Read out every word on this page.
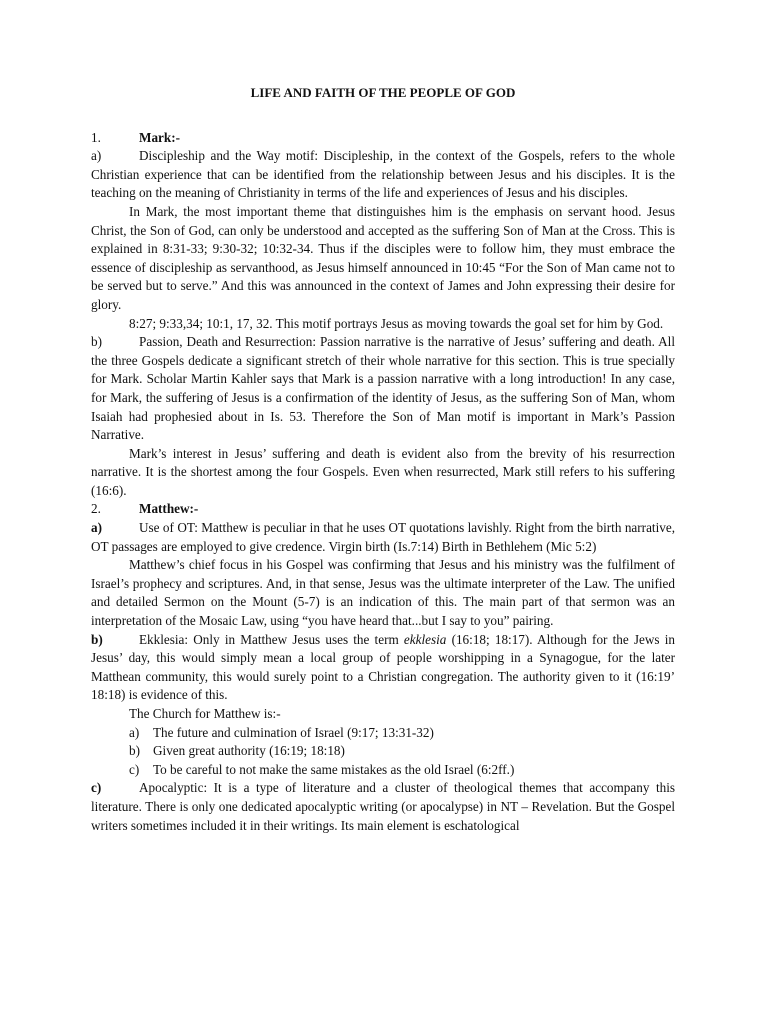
LIFE AND FAITH OF THE PEOPLE OF GOD
1.	Mark:-

a)	Discipleship and the Way motif: Discipleship, in the context of the Gospels, refers to the whole Christian experience that can be identified from the relationship between Jesus and his disciples. It is the teaching on the meaning of Christianity in terms of the life and experiences of Jesus and his disciples.

In Mark, the most important theme that distinguishes him is the emphasis on servant hood. Jesus Christ, the Son of God, can only be understood and accepted as the suffering Son of Man at the Cross. This is explained in 8:31-33; 9:30-32; 10:32-34. Thus if the disciples were to follow him, they must embrace the essence of discipleship as servanthood, as Jesus himself announced in 10:45 “For the Son of Man came not to be served but to serve.” And this was announced in the context of James and John expressing their desire for glory.

8:27; 9:33,34; 10:1, 17, 32. This motif portrays Jesus as moving towards the goal set for him by God.

b)	Passion, Death and Resurrection: Passion narrative is the narrative of Jesus’ suffering and death. All the three Gospels dedicate a significant stretch of their whole narrative for this section. This is true specially for Mark. Scholar Martin Kahler says that Mark is a passion narrative with a long introduction! In any case, for Mark, the suffering of Jesus is a confirmation of the identity of Jesus, as the suffering Son of Man, whom Isaiah had prophesied about in Is. 53. Therefore the Son of Man motif is important in Mark’s Passion Narrative.

Mark’s interest in Jesus’ suffering and death is evident also from the brevity of his resurrection narrative. It is the shortest among the four Gospels. Even when resurrected, Mark still refers to his suffering (16:6).

2.	Matthew:-

a)	Use of OT: Matthew is peculiar in that he uses OT quotations lavishly. Right from the birth narrative, OT passages are employed to give credence. Virgin birth (Is.7:14) Birth in Bethlehem (Mic 5:2)

Matthew’s chief focus in his Gospel was confirming that Jesus and his ministry was the fulfilment of Israel’s prophecy and scriptures. And, in that sense, Jesus was the ultimate interpreter of the Law. The unified and detailed Sermon on the Mount (5-7) is an indication of this. The main part of that sermon was an interpretation of the Mosaic Law, using “you have heard that...but I say to you” pairing.

b)	Ekklesia: Only in Matthew Jesus uses the term ekklesia (16:18; 18:17). Although for the Jews in Jesus’ day, this would simply mean a local group of people worshipping in a Synagogue, for the later Matthean community, this would surely point to a Christian congregation. The authority given to it (16:19’ 18:18) is evidence of this.

The Church for Matthew is:-

a)	The future and culmination of Israel (9:17; 13:31-32)
b) Given great authority (16:19; 18:18)
c)	To be careful to not make the same mistakes as the old Israel (6:2ff.)

c)	Apocalyptic: It is a type of literature and a cluster of theological themes that accompany this literature. There is only one dedicated apocalyptic writing (or apocalypse) in NT – Revelation. But the Gospel writers sometimes included it in their writings. Its main element is eschatological
